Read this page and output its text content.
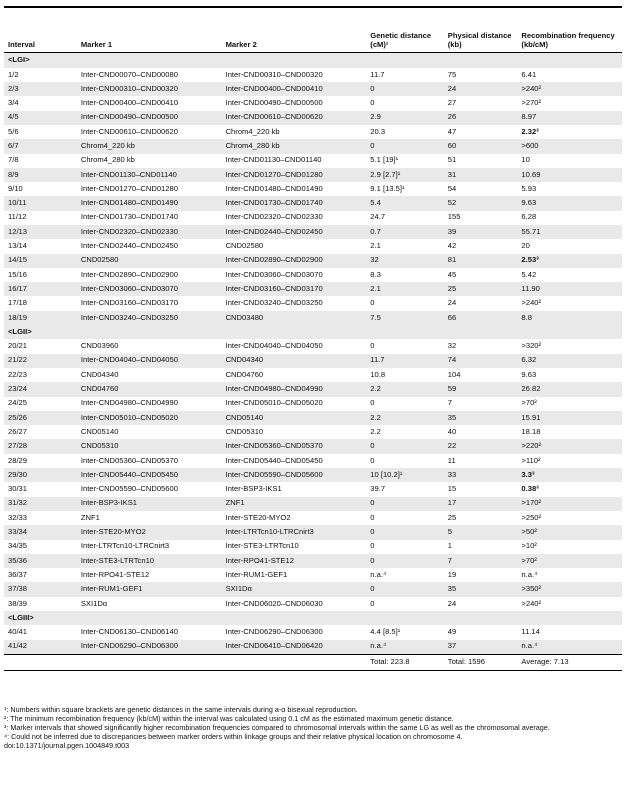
Interval	Marker 1	Marker 2	Genetic distance (cM)¹	Physical distance (kb)	Recombination frequency (kb/cM)
<LGI>					
1/2	Inter-CND00070–CND00080	Inter-CND00310–CND00320	11.7	75	6.41
2/3	Inter-CND00310–CND00320	Inter-CND00400–CND00410	0	24	>240²
3/4	Inter-CND00400–CND00410	Inter-CND00490–CND00500	0	27	>270²
4/5	Inter-CND00490–CND00500	Inter-CND00610–CND00620	2.9	26	8.97
5/6	Inter-CND00610–CND00620	Chrom4_220 kb	20.3	47	2.32³
6/7	Chrom4_220 kb	Chrom4_280 kb	0	60	>600
7/8	Chrom4_280 kb	Inter-CND01130–CND01140	5.1 [19]¹	51	10
8/9	Inter-CND01130–CND01140	Inter-CND01270–CND01280	2.9 [2.7]¹	31	10.69
9/10	Inter-CND01270–CND01280	Inter-CND01480–CND01490	9.1 [13.5]¹	54	5.93
10/11	Inter-CND01480–CND01490	Inter-CND01730–CND01740	5.4	52	9.63
11/12	Inter-CND01730–CND01740	Inter-CND02320–CND02330	24.7	155	6.28
12/13	Inter-CND02320–CND02330	Inter-CND02440–CND02450	0.7	39	55.71
13/14	Inter-CND02440–CND02450	CND02580	2.1	42	20
14/15	CND02580	Inter-CND02890–CND02900	32	81	2.53³
15/16	Inter-CND02890–CND02900	Inter-CND03060–CND03070	8.3	45	5.42
16/17	Inter-CND03060–CND03070	Inter-CND03160–CND03170	2.1	25	11.90
17/18	Inter-CND03160–CND03170	Inter-CND03240–CND03250	0	24	>240²
18/19	Inter-CND03240–CND03250	CND03480	7.5	66	8.8
<LGII>					
20/21	CND03960	Inter-CND04040–CND04050	0	32	>320²
21/22	Inter-CND04040–CND04050	CND04340	11.7	74	6.32
22/23	CND04340	CND04760	10.8	104	9.63
23/24	CND04760	Inter-CND04980–CND04990	2.2	59	26.82
24/25	Inter-CND04980–CND04990	Inter-CND05010–CND05020	0	7	>70²
25/26	Inter-CND05010–CND05020	CND05140	2.2	35	15.91
26/27	CND05140	CND05310	2.2	40	18.18
27/28	CND05310	Inter-CND05360–CND05370	0	22	>220²
28/29	Inter-CND05360–CND05370	Inter-CND05440–CND05450	0	11	>110²
29/30	Inter-CND05440–CND05450	Inter-CND05590–CND05600	10 [10.2]¹	33	3.3³
30/31	Inter-CND05590–CND05600	Inter-BSP3-IKS1	39.7	15	0.38³
31/32	Inter-BSP3-IKS1	ZNF1	0	17	>170²
32/33	ZNF1	Inter-STE20-MYO2	0	25	>250²
33/34	Inter-STE20-MYO2	Inter-LTRTcn10-LTRCnirt3	0	5	>50²
34/35	Inter-LTRTcn10-LTRCnirt3	Inter-STE3-LTRTcn10	0	1	>10²
35/36	Inter-STE3-LTRTcn10	Inter-RPO41-STE12	0	7	>70²
36/37	Inter-RPO41-STE12	Inter-RUM1-GEF1	n.a.⁴	19	n.a.⁴
37/38	Inter-RUM1-GEF1	SXI1Dα	0	35	>350²
38/39	SXI1Dα	Inter-CND06020–CND06030	0	24	>240²
<LGIII>					
40/41	Inter-CND06130–CND06140	Inter-CND06290–CND06300	4.4 [8.5]¹	49	11.14
41/42	Inter-CND06290–CND06300	Inter-CND06410–CND06420	n.a.⁴	37	n.a.⁴
			Total: 223.8	Total: 1596	Average: 7.13

¹: Numbers within square brackets are genetic distances in the same intervals during a-α bisexual reproduction.

²: The minimum recombination frequency (kb/cM) within the interval was calculated using 0.1 cM as the estimated maximum genetic distance.

³: Marker intervals that showed significantly higher recombination frequencies compared to chromosomal intervals within the same LG as well as the chromosomal average.

⁴: Could not be inferred due to discrepancies between marker orders within linkage groups and their relative physical location on chromosome 4.

doi:10.1371/journal.pgen.1004849.t003
